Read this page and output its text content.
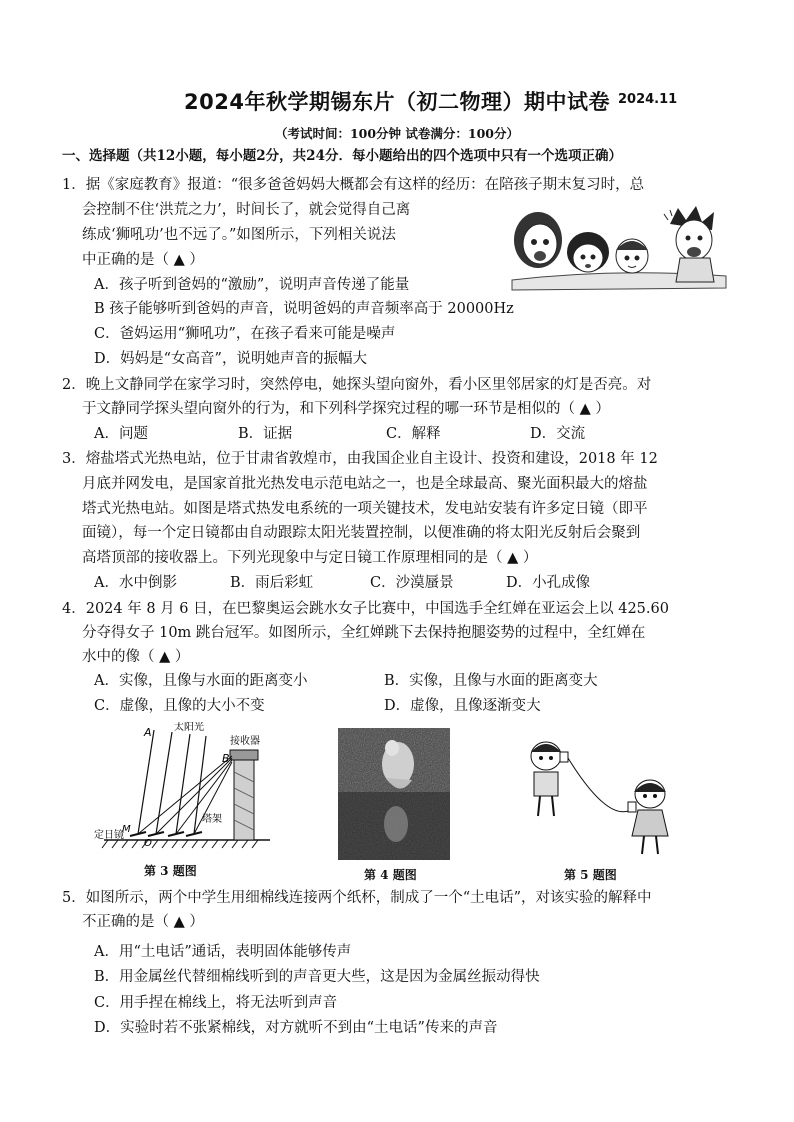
2024年秋学期锡东片（初二物理）期中试卷 2024.11
（考试时间：100分钟 试卷满分：100分）
一、选择题（共12小题，每小题2分，共24分．每小题给出的四个选项中只有一个选项正确）
1．据《家庭教育》报道：“很多爸爸妈妈大概都会有这样的经历：在陪孩子期末复习时，总
会控制不住‘洪荒之力’，时间长了，就会觉得自己离
练成‘狮吼功’也不远了。”如图所示，下列相关说法
中正确的是（ ▲ ）
A．孩子听到爸妈的“激励”，说明声音传递了能量
B 孩子能够听到爸妈的声音，说明爸妈的声音频率高于 20000Hz
C．爸妈运用“狮吼功”，在孩子看来可能是噪声
D．妈妈是“女高音”，说明她声音的振幅大
2．晚上文静同学在家学习时，突然停电，她探头望向窗外，看小区里邻居家的灯是否亮。对
于文静同学探头望向窗外的行为，和下列科学探究过程的哪一环节是相似的（ ▲ ）
A．问题	B．证据	C．解释	D．交流
3．熔盐塔式光热电站，位于甘肃省敦煌市，由我国企业自主设计、投资和建设，2018 年 12
月底并网发电，是国家首批光热发电示范电站之一，也是全球最高、聚光面积最大的熔盐
塔式光热电站。如图是塔式热发电系统的一项关键技术，发电站安装有许多定日镜（即平
面镜），每一个定日镜都由自动跟踪太阳光装置控制，以便准确的将太阳光反射后会聚到
高塔顶部的接收器上。下列光现象中与定日镜工作原理相同的是（ ▲ ）
A．水中倒影	B．雨后彩虹	C．沙漠蜃景	D．小孔成像
4．2024 年 8 月 6 日，在巴黎奥运会跳水女子比赛中，中国选手全红婵在亚运会上以 425.60
分夺得女子 10m 跳台冠军。如图所示，全红婵跳下去保持抱腿姿势的过程中，全红婵在
水中的像（ ▲ ）
A．实像，且像与水面的距离变小	B．实像，且像与水面的距离变大
C．虚像，且像的大小不变	D．虚像，且像逐渐变大
A 太阳光
B
接收器
M
O
定日镜
塔架
第 3 题图	第 4 题图	第 5 题图
5．如图所示，两个中学生用细棉线连接两个纸杯，制成了一个“土电话”，对该实验的解释中
不正确的是（ ▲ ）
A．用“土电话”通话，表明固体能够传声
B．用金属丝代替细棉线听到的声音更大些，这是因为金属丝振动得快
C．用手捏在棉线上，将无法听到声音
D．实验时若不张紧棉线，对方就听不到由“土电话”传来的声音
